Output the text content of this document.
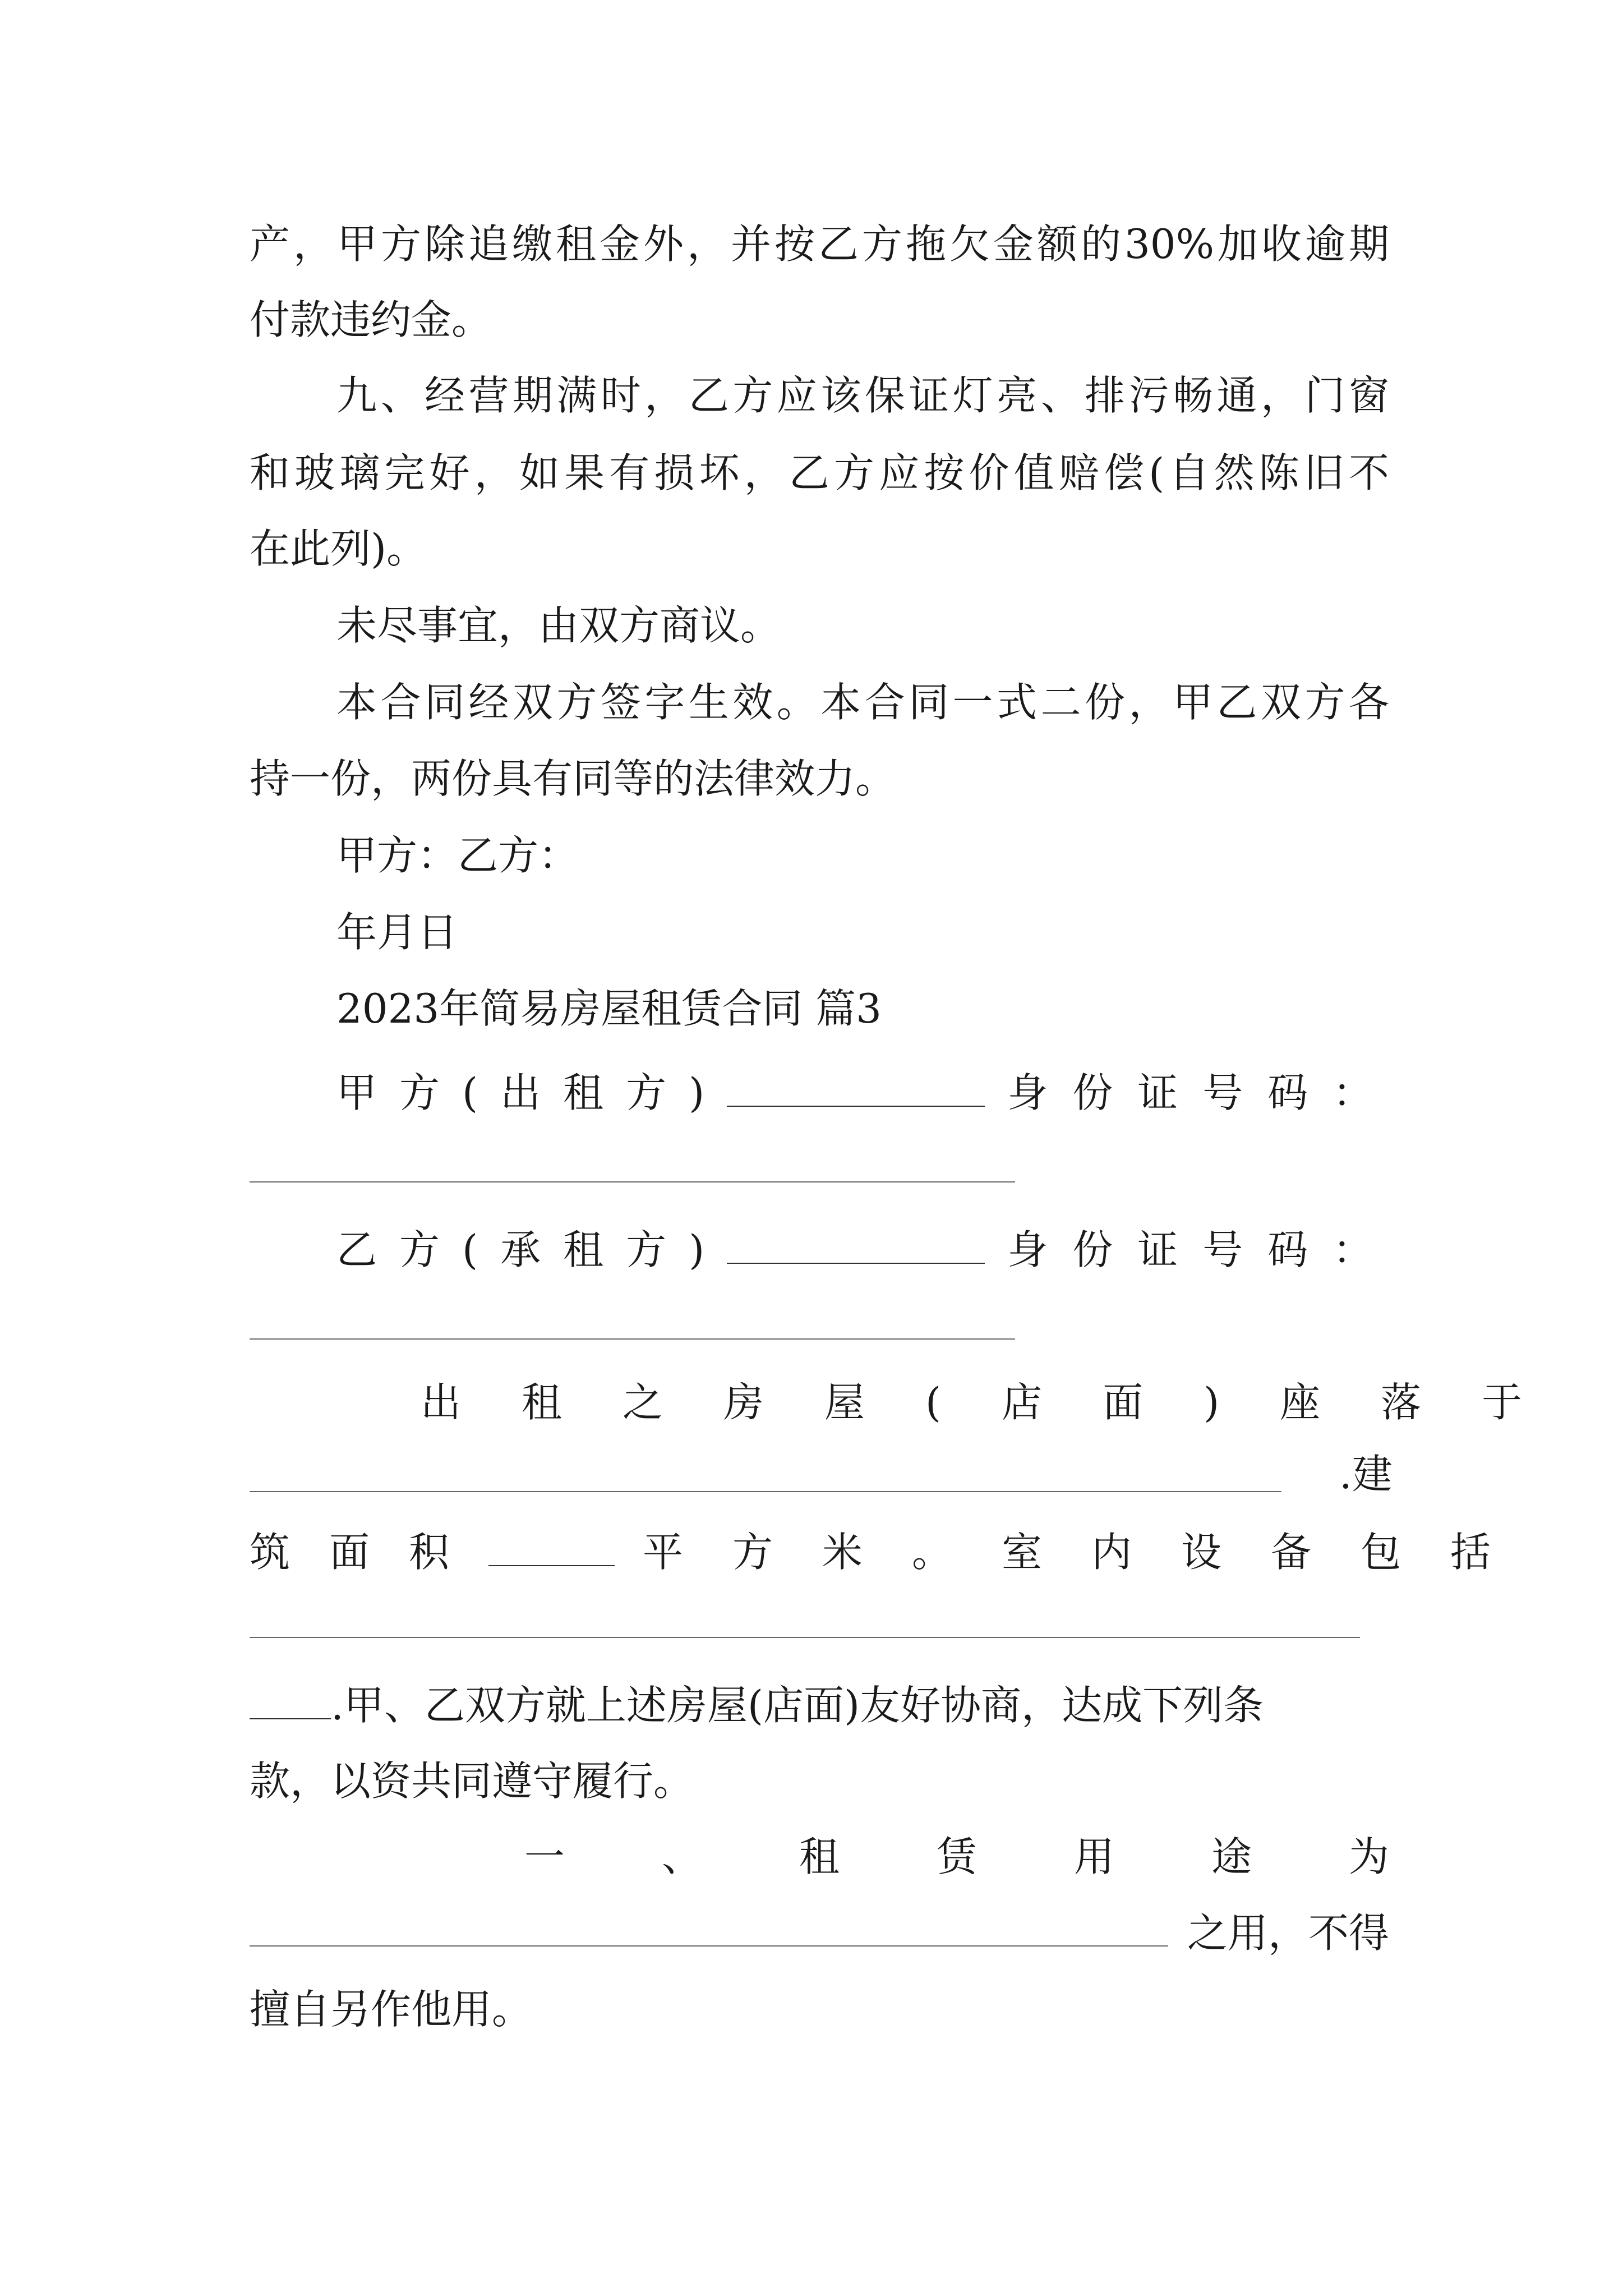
产，甲方除追缴租金外，并按乙方拖欠金额的30%加收逾期
付款违约金。
九、经营期满时，乙方应该保证灯亮、排污畅通，门窗
和玻璃完好，如果有损坏，乙方应按价值赔偿(自然陈旧不
在此列)。
未尽事宜，由双方商议。
本合同经双方签字生效。本合同一式二份，甲乙双方各
持一份，两份具有同等的法律效力。
甲方：乙方：
年月日
2023年简易房屋租赁合同 篇3
甲方(出租方)	身份证号码：
乙方(承租方)	身份证号码：
出租之房屋(店面)座落于
.建
筑面积	平方米。室内设备包括
.甲、乙双方就上述房屋(店面)友好协商，达成下列条
款，以资共同遵守履行。
一、租赁用途为
之用，不得
擅自另作他用。
